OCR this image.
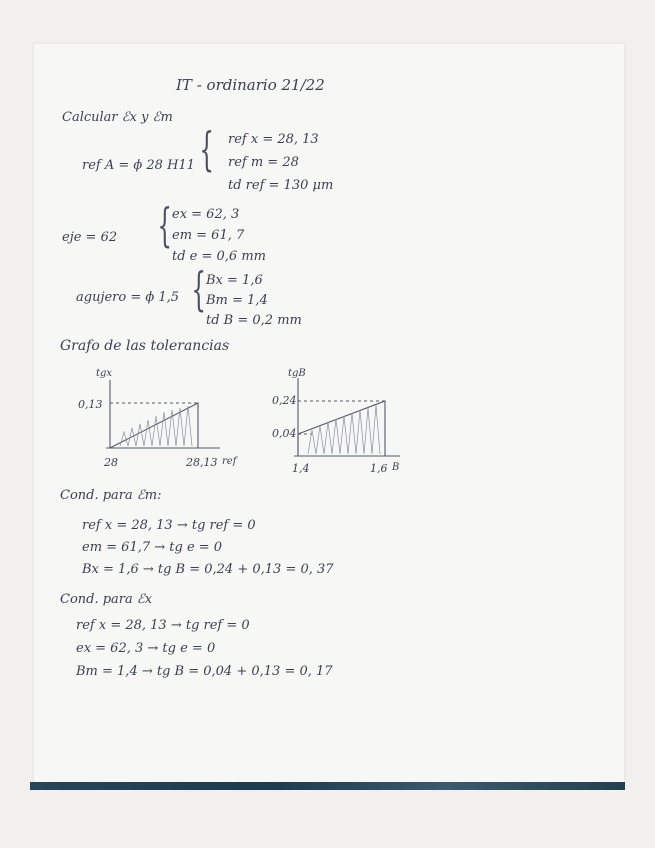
IT - ordinario 21/22
Calcular ℰx y ℰm
ref A = ϕ 28 H11 { ref x = 28, 13
ref m = 28
td ref = 130 μm
eje = 62 { ex = 62, 3
em = 61, 7
td e = 0,6 mm
agujero = ϕ 1,5 { Bx = 1,6
Bm = 1,4
td B = 0,2 mm
Grafo de las tolerancias
tgx
0,13
28	28,13 ref
tgB
0,24
0,04
1,4	1,6 B
Cond. para ℰm:
ref x = 28, 13 → tg ref = 0
em = 61,7 → tg e = 0
Bx = 1,6 → tg B = 0,24 + 0,13 = 0, 37
Cond. para ℰx
ref x = 28, 13 → tg ref = 0
ex = 62, 3 → tg e = 0
Bm = 1,4 → tg B = 0,04 + 0,13 = 0, 17
